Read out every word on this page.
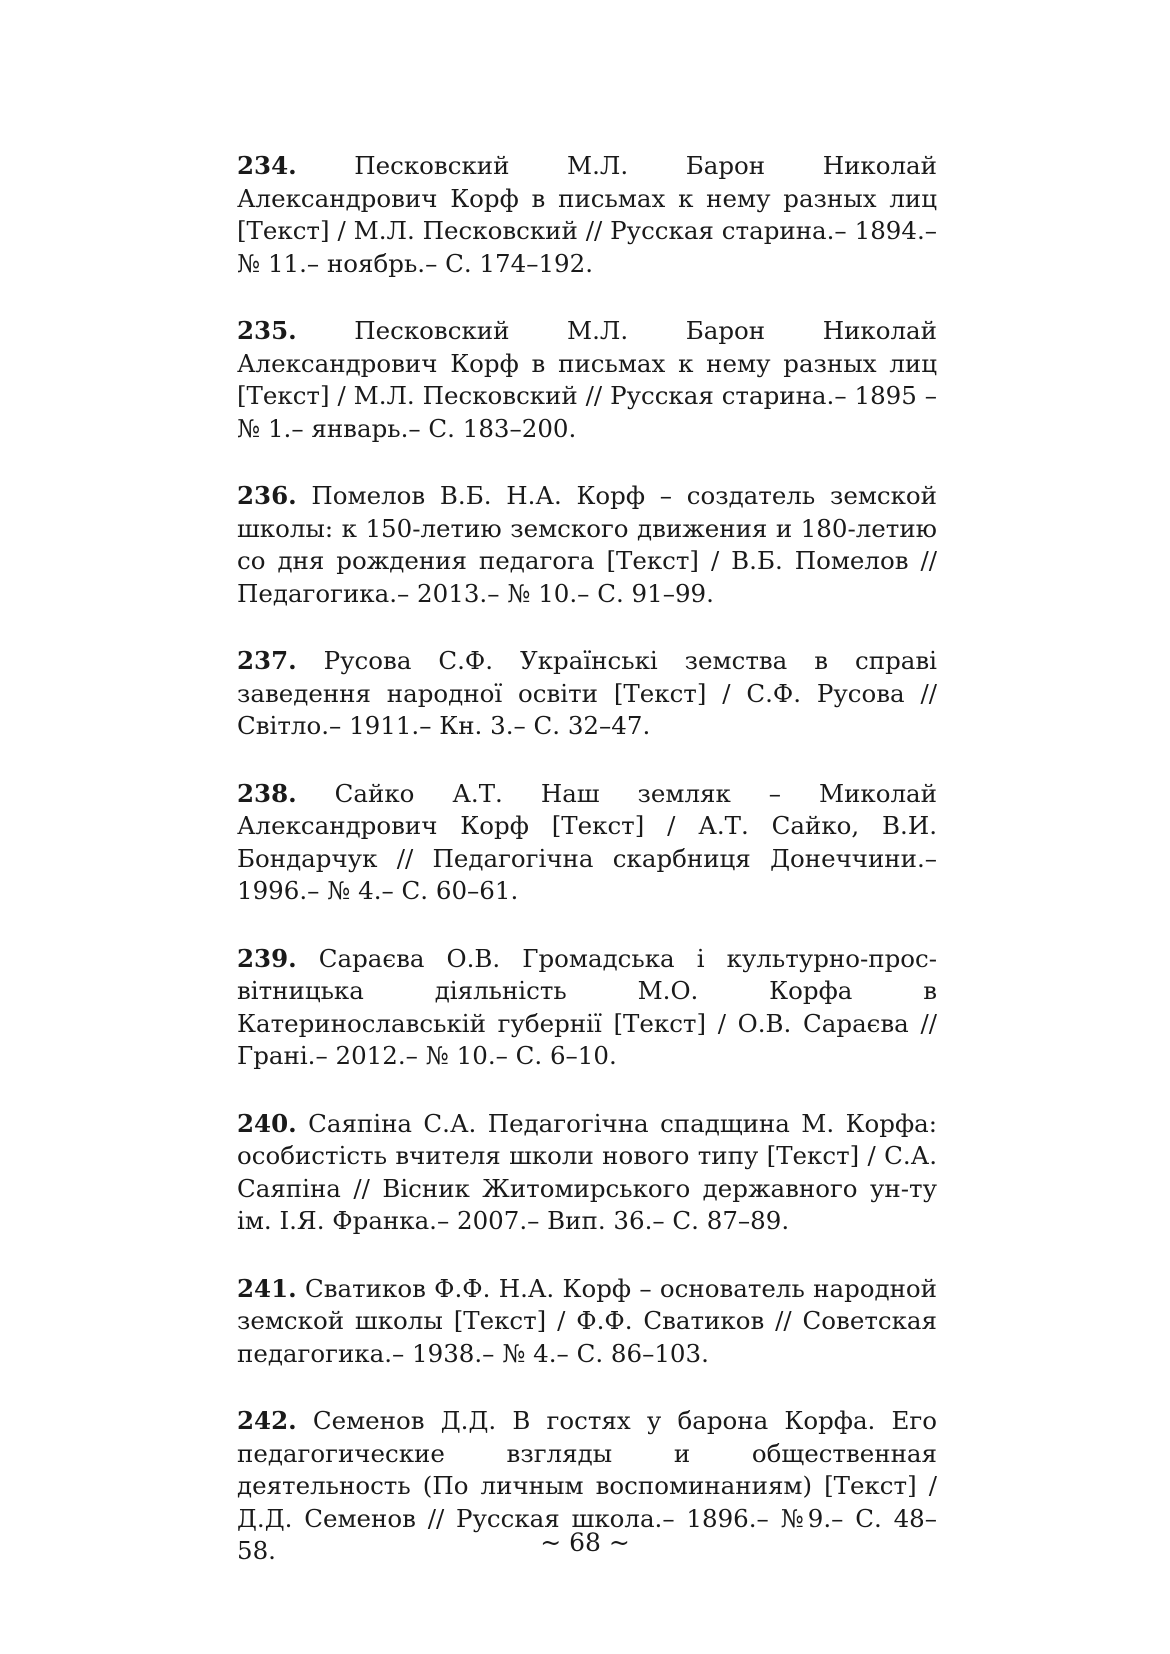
234. Песковский М.Л. Барон Николай Александрович Корф в письмах к нему разных лиц [Текст] / М.Л. Песковский // Русская старина.– 1894.– № 11.– ноябрь.– С. 174–192.

235. Песковский М.Л. Барон Николай Александрович Корф в письмах к нему разных лиц [Текст] / М.Л. Песковский // Русская старина.– 1895 – № 1.– январь.– С. 183–200.

236. Помелов В.Б. Н.А. Корф – создатель земской школы: к 150-летию земского движения и 180-летию со дня рождения педагога [Текст] / В.Б. Помелов // Педагогика.– 2013.– № 10.– С. 91–99.

237. Русова С.Ф. Українські земства в справі заведення народної освіти [Текст] / С.Ф. Русова // Світло.– 1911.– Кн. 3.– С. 32–47.

238. Сайко А.Т. Наш земляк – Миколай Александрович Корф [Текст] / А.Т. Сайко, В.И. Бондарчук // Педагогічна скарбниця Донеччини.– 1996.– № 4.– С. 60–61.

239. Сараєва О.В. Громадська і культурно-прос-вітницька діяльність М.О. Корфа в Катеринославській губернії [Текст] / О.В. Сараєва // Грані.– 2012.– № 10.– С. 6–10.

240. Саяпіна С.А. Педагогічна спадщина М. Корфа: особистість вчителя школи нового типу [Текст] / С.А. Саяпіна // Вісник Житомирського державного ун-ту ім. І.Я. Франка.– 2007.– Вип. 36.– С. 87–89.

241. Сватиков Ф.Ф. Н.А. Корф – основатель народной земской школы [Текст] / Ф.Ф. Сватиков // Советская педагогика.– 1938.– № 4.– С. 86–103.

242. Семенов Д.Д. В гостях у барона Корфа. Его педагогические взгляды и общественная деятельность (По личным воспоминаниям) [Текст] / Д.Д. Семенов // Русская школа.– 1896.– №9.– С. 48–58.	~ 68 ~
